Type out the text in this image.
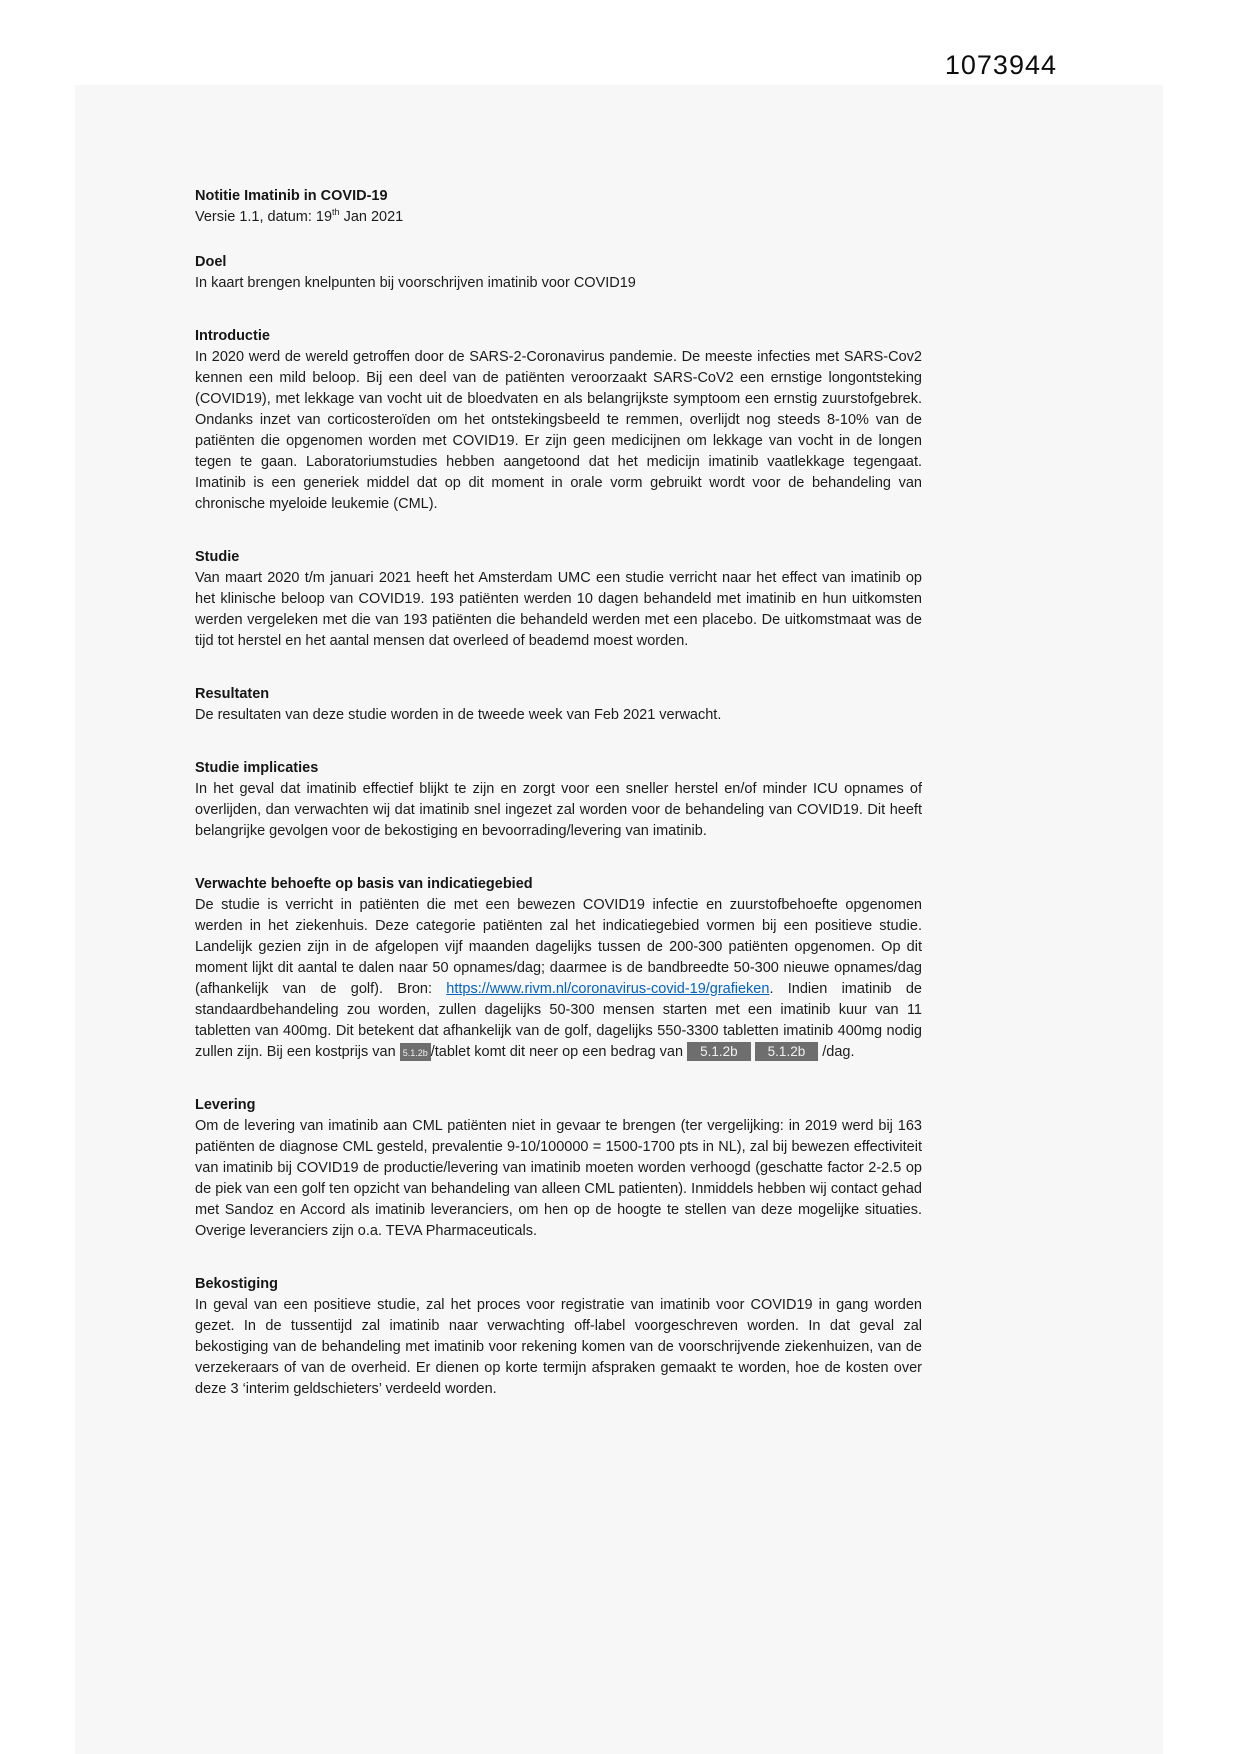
1073944

Notitie Imatinib in COVID-19

Versie 1.1, datum: 19th Jan 2021

Doel

In kaart brengen knelpunten bij voorschrijven imatinib voor COVID19

Introductie

In 2020 werd de wereld getroffen door de SARS-2-Coronavirus pandemie. De meeste infecties met SARS-Cov2 kennen een mild beloop. Bij een deel van de patiënten veroorzaakt SARS-CoV2 een ernstige longontsteking (COVID19), met lekkage van vocht uit de bloedvaten en als belangrijkste symptoom een ernstig zuurstofgebrek. Ondanks inzet van corticosteroïden om het ontstekingsbeeld te remmen, overlijdt nog steeds 8-10% van de patiënten die opgenomen worden met COVID19. Er zijn geen medicijnen om lekkage van vocht in de longen tegen te gaan. Laboratoriumstudies hebben aangetoond dat het medicijn imatinib vaatlekkage tegengaat. Imatinib is een generiek middel dat op dit moment in orale vorm gebruikt wordt voor de behandeling van chronische myeloide leukemie (CML).

Studie

Van maart 2020 t/m januari 2021 heeft het Amsterdam UMC een studie verricht naar het effect van imatinib op het klinische beloop van COVID19. 193 patiënten werden 10 dagen behandeld met imatinib en hun uitkomsten werden vergeleken met die van 193 patiënten die behandeld werden met een placebo. De uitkomstmaat was de tijd tot herstel en het aantal mensen dat overleed of beademd moest worden.

Resultaten

De resultaten van deze studie worden in de tweede week van Feb 2021 verwacht.

Studie implicaties

In het geval dat imatinib effectief blijkt te zijn en zorgt voor een sneller herstel en/of minder ICU opnames of overlijden, dan verwachten wij dat imatinib snel ingezet zal worden voor de behandeling van COVID19. Dit heeft belangrijke gevolgen voor de bekostiging en bevoorrading/levering van imatinib.

Verwachte behoefte op basis van indicatiegebied

De studie is verricht in patiënten die met een bewezen COVID19 infectie en zuurstofbehoefte opgenomen werden in het ziekenhuis. Deze categorie patiënten zal het indicatiegebied vormen bij een positieve studie. Landelijk gezien zijn in de afgelopen vijf maanden dagelijks tussen de 200-300 patiënten opgenomen. Op dit moment lijkt dit aantal te dalen naar 50 opnames/dag; daarmee is de bandbreedte 50-300 nieuwe opnames/dag (afhankelijk van de golf). Bron: https://www.rivm.nl/coronavirus-covid-19/grafieken. Indien imatinib de standaardbehandeling zou worden, zullen dagelijks 50-300 mensen starten met een imatinib kuur van 11 tabletten van 400mg. Dit betekent dat afhankelijk van de golf, dagelijks 550-3300 tabletten imatinib 400mg nodig zullen zijn. Bij een kostprijs van 5.1.2b /tablet komt dit neer op een bedrag van 5.1.2b 5.1.2b /dag.

Levering

Om de levering van imatinib aan CML patiënten niet in gevaar te brengen (ter vergelijking: in 2019 werd bij 163 patiënten de diagnose CML gesteld, prevalentie 9-10/100000 = 1500-1700 pts in NL), zal bij bewezen effectiviteit van imatinib bij COVID19 de productie/levering van imatinib moeten worden verhoogd (geschatte factor 2-2.5 op de piek van een golf ten opzicht van behandeling van alleen CML patienten). Inmiddels hebben wij contact gehad met Sandoz en Accord als imatinib leveranciers, om hen op de hoogte te stellen van deze mogelijke situaties. Overige leveranciers zijn o.a. TEVA Pharmaceuticals.

Bekostiging

In geval van een positieve studie, zal het proces voor registratie van imatinib voor COVID19 in gang worden gezet. In de tussentijd zal imatinib naar verwachting off-label voorgeschreven worden. In dat geval zal bekostiging van de behandeling met imatinib voor rekening komen van de voorschrijvende ziekenhuizen, van de verzekeraars of van de overheid. Er dienen op korte termijn afspraken gemaakt te worden, hoe de kosten over deze 3 ‘interim geldschieters’ verdeeld worden.
